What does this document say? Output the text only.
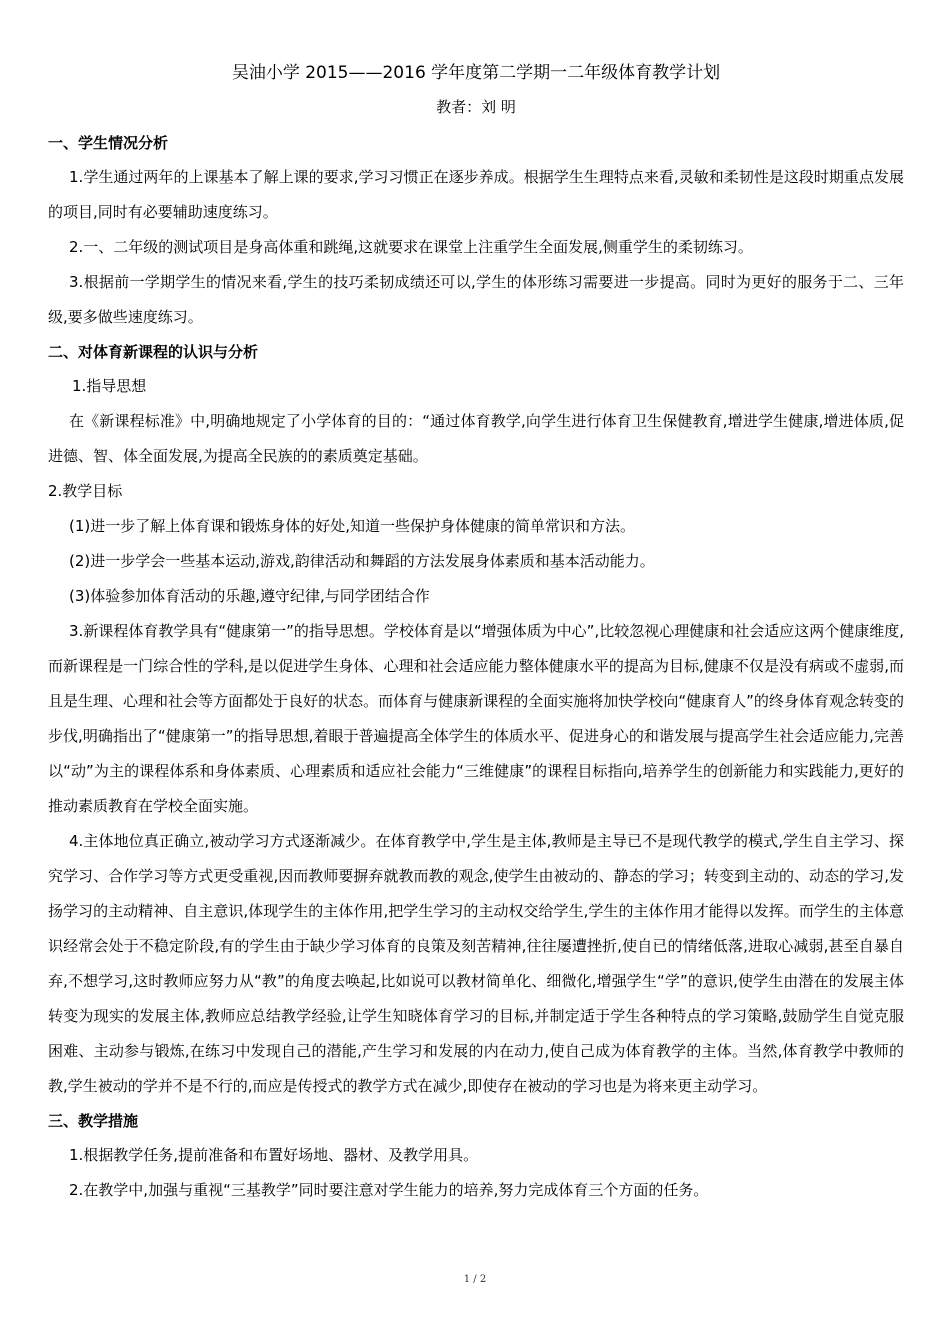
吴油小学 2015——2016 学年度第二学期一二年级体育教学计划

教者：刘 明

一、学生情况分析

1.学生通过两年的上课基本了解上课的要求,学习习惯正在逐步养成。根据学生生理特点来看,灵敏和柔韧性是这段时期重点发展的项目,同时有必要辅助速度练习。

2.一、二年级的测试项目是身高体重和跳绳,这就要求在课堂上注重学生全面发展,侧重学生的柔韧练习。

3.根据前一学期学生的情况来看,学生的技巧柔韧成绩还可以,学生的体形练习需要进一步提高。同时为更好的服务于二、三年级,要多做些速度练习。

二、对体育新课程的认识与分析

1.指导思想

在《新课程标准》中,明确地规定了小学体育的目的：“通过体育教学,向学生进行体育卫生保健教育,增进学生健康,增进体质,促进德、智、体全面发展,为提高全民族的的素质奠定基础。

2.教学目标

(1)进一步了解上体育课和锻炼身体的好处,知道一些保护身体健康的简单常识和方法。

(2)进一步学会一些基本运动,游戏,韵律活动和舞蹈的方法发展身体素质和基本活动能力。

(3)体验参加体育活动的乐趣,遵守纪律,与同学团结合作

3.新课程体育教学具有“健康第一”的指导思想。学校体育是以“增强体质为中心”,比较忽视心理健康和社会适应这两个健康维度,而新课程是一门综合性的学科,是以促进学生身体、心理和社会适应能力整体健康水平的提高为目标,健康不仅是没有病或不虚弱,而且是生理、心理和社会等方面都处于良好的状态。而体育与健康新课程的全面实施将加快学校向“健康育人”的终身体育观念转变的步伐,明确指出了“健康第一”的指导思想,着眼于普遍提高全体学生的体质水平、促进身心的和谐发展与提高学生社会适应能力,完善以“动”为主的课程体系和身体素质、心理素质和适应社会能力“三维健康”的课程目标指向,培养学生的创新能力和实践能力,更好的推动素质教育在学校全面实施。

4.主体地位真正确立,被动学习方式逐渐减少。在体育教学中,学生是主体,教师是主导已不是现代教学的模式,学生自主学习、探究学习、合作学习等方式更受重视,因而教师要摒弃就教而教的观念,使学生由被动的、静态的学习；转变到主动的、动态的学习,发扬学习的主动精神、自主意识,体现学生的主体作用,把学生学习的主动权交给学生,学生的主体作用才能得以发挥。而学生的主体意识经常会处于不稳定阶段,有的学生由于缺少学习体育的良策及刻苦精神,往往屡遭挫折,使自已的情绪低落,进取心减弱,甚至自暴自弃,不想学习,这时教师应努力从“教”的角度去唤起,比如说可以教材简单化、细微化,增强学生“学”的意识,使学生由潜在的发展主体转变为现实的发展主体,教师应总结教学经验,让学生知晓体育学习的目标,并制定适于学生各种特点的学习策略,鼓励学生自觉克服困难、主动参与锻炼,在练习中发现自己的潜能,产生学习和发展的内在动力,使自己成为体育教学的主体。当然,体育教学中教师的教,学生被动的学并不是不行的,而应是传授式的教学方式在减少,即使存在被动的学习也是为将来更主动学习。

三、教学措施

1.根据教学任务,提前准备和布置好场地、器材、及教学用具。

2.在教学中,加强与重视“三基教学”同时要注意对学生能力的培养,努力完成体育三个方面的任务。

1 / 2
